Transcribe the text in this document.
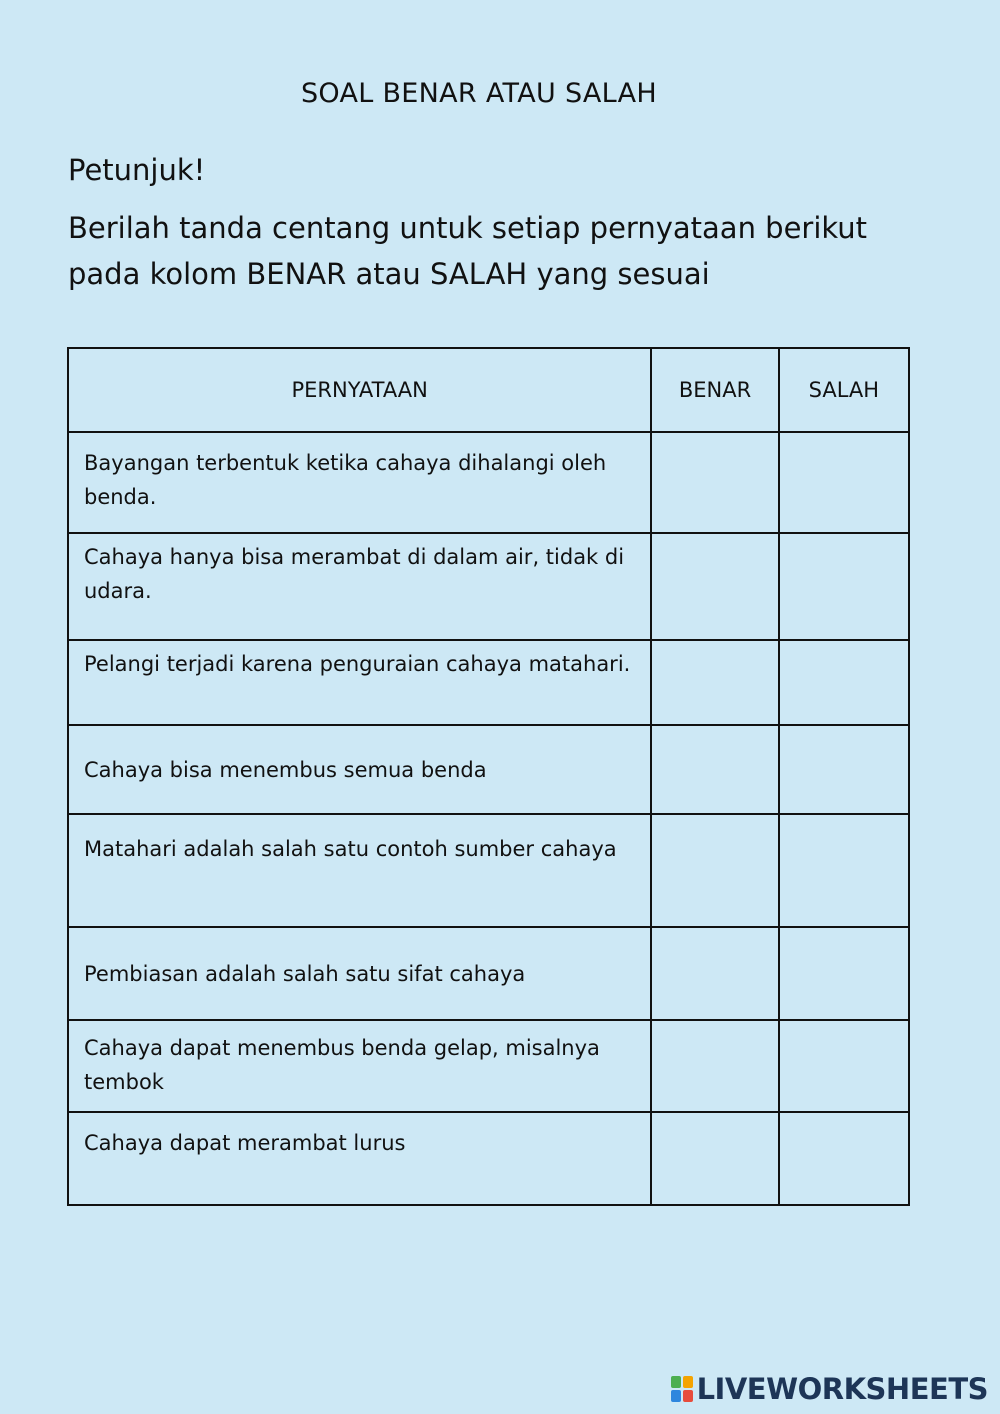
SOAL BENAR ATAU SALAH
Petunjuk!
Berilah tanda centang untuk setiap pernyataan berikut pada kolom BENAR atau SALAH yang sesuai
PERNYATAAN	BENAR	SALAH
Bayangan terbentuk ketika cahaya dihalangi oleh benda.		
Cahaya hanya bisa merambat di dalam air, tidak di udara.		
Pelangi terjadi karena penguraian cahaya matahari.		
Cahaya bisa menembus semua benda		
Matahari adalah salah satu contoh sumber cahaya		
Pembiasan adalah salah satu sifat cahaya		
Cahaya dapat menembus benda gelap, misalnya tembok		
Cahaya dapat merambat lurus		
LIVEWORKSHEETS
